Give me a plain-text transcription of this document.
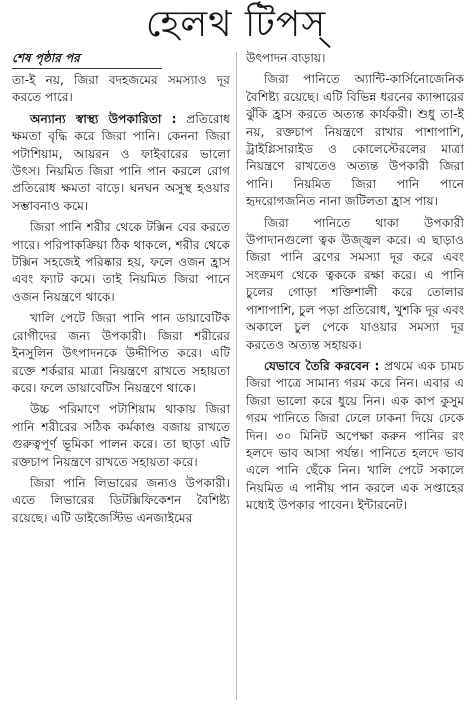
হেলথ টিপস্

শেষ পৃষ্ঠার পর

তা-ই নয়, জিরা বদহজমের সমস্যাও দূর করতে পারে।

অন্যান্য স্বাস্থ্য উপকারিতা : প্রতিরোধ ক্ষমতা বৃদ্ধি করে জিরা পানি। কেননা জিরা পটাশিয়াম, আয়রন ও ফাইবারের ভালো উৎস। নিয়মিত জিরা পানি পান করলে রোগ প্রতিরোধ ক্ষমতা বাড়ে। ঘনঘন অসুস্থ হওয়ার সম্ভাবনাও কমে।

জিরা পানি শরীর থেকে টক্সিন বের করতে পারে। পরিপাকক্রিয়া ঠিক থাকলে, শরীর থেকে টক্সিন সহজেই পরিষ্কার হয়, ফলে ওজন হ্রাস এবং ফ্যাট কমে। তাই নিয়মিত জিরা পানে ওজন নিয়ন্ত্রণে থাকে।

খালি পেটে জিরা পানি পান ডায়াবেটিক রোগীদের জন্য উপকারী। জিরা শরীরের ইনসুলিন উৎপাদনকে উদ্দীপিত করে। এটি রক্তে শর্করার মাত্রা নিয়ন্ত্রণে রাখতে সহায়তা করে। ফলে ডায়াবেটিস নিয়ন্ত্রণে থাকে।

উচ্চ পরিমাণে পটাশিয়াম থাকায় জিরা পানি শরীরের সঠিক কর্মকাণ্ড বজায় রাখতে গুরুত্বপূর্ণ ভূমিকা পালন করে। তা ছাড়া এটি রক্তচাপ নিয়ন্ত্রণে রাখতে সহায়তা করে।

জিরা পানি লিভারের জন্যও উপকারী। এতে লিভারের ডিটক্সিফিকেশন বৈশিষ্ট্য রয়েছে। এটি ডাইজেস্টিভ এনজাইমের

উৎপাদন বাড়ায়।

জিরা পানিতে অ্যান্টি-কার্সিনোজেনিক বৈশিষ্ট্য রয়েছে। এটি বিভিন্ন ধরনের ক্যান্সারের ঝুঁকি হ্রাস করতে অত্যন্ত কার্যকরী। শুধু তা-ই নয়, রক্তচাপ নিয়ন্ত্রণে রাখার পাশাপাশি, ট্রাইগ্লিসারাইড ও কোলেস্টেরলের মাত্রা নিয়ন্ত্রণে রাখতেও অত্যন্ত উপকারী জিরা পানি। নিয়মিত জিরা পানি পানে হৃদরোগজনিত নানা জটিলতা হ্রাস পায়।

জিরা পানিতে থাকা উপকারী উপাদানগুলো ত্বক উজ্জ্বল করে। এ ছাড়াও জিরা পানি ব্রণের সমস্যা দূর করে এবং সংক্রমণ থেকে ত্বককে রক্ষা করে। এ পানি চুলের গোড়া শক্তিশালী করে তোলার পাশাপাশি, চুল পড়া প্রতিরোধ, খুশকি দূর এবং অকালে চুল পেকে যাওয়ার সমস্যা দূর করতেও অত্যন্ত সহায়ক।

যেভাবে তৈরি করবেন : প্রথমে এক চামচ জিরা পাত্রে সামান্য গরম করে নিন। এবার এ জিরা ভালো করে ধুয়ে নিন। এক কাপ কুসুম গরম পানিতে জিরা ঢেলে ঢাকনা দিয়ে ঢেকে দিন। ৩০ মিনিট অপেক্ষা করুন পানির রং হলদে ভাব আসা পর্যন্ত। পানিতে হলদে ভাব এলে পানি ছেঁকে নিন। খালি পেটে সকালে নিয়মিত এ পানীয় পান করলে এক সপ্তাহের মধ্যেই উপকার পাবেন। ইন্টারনেট।
